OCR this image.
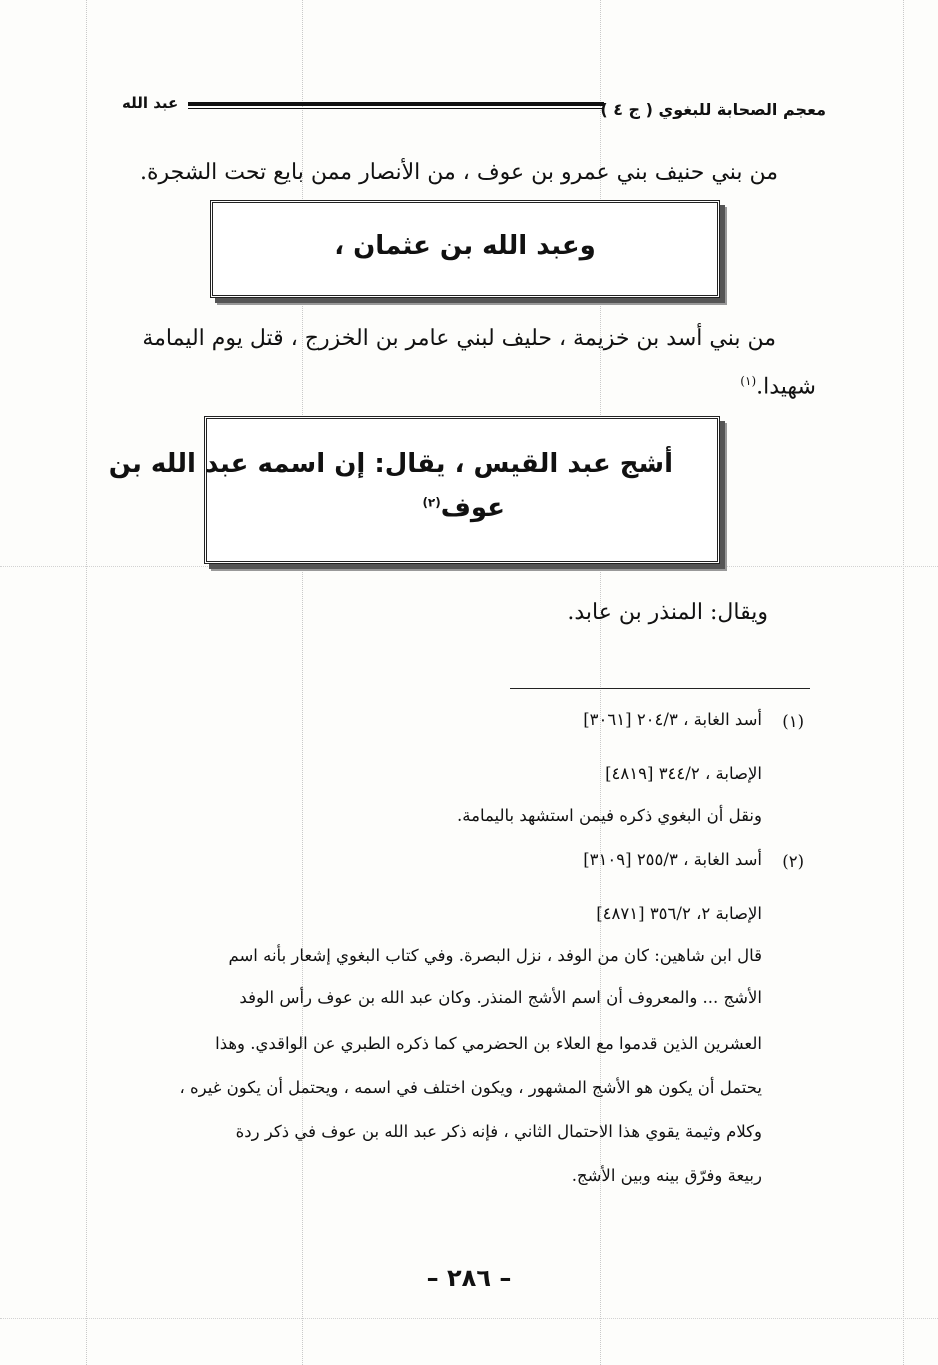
معجم الصحابة للبغوي ( ج ٤ )
عبد الله
من بني حنيف بني عمرو بن عوف ، من الأنصار ممن بايع تحت الشجرة.
وعبد الله بن عثمان ،
من بني أسد بن خزيمة ، حليف لبني عامر بن الخزرج ، قتل يوم اليمامة
شهيدا.$^{(١)}$
أشج عبد القيس ، يقال: إن اسمه عبد الله بن
عوف$^{(٢)}$
ويقال: المنذر بن عابد.
(١)
أسد الغابة ، ٢٠٤/٣ [٣٠٦١]
الإصابة ، ٣٤٤/٢ [٤٨١٩]
ونقل أن البغوي ذكره فيمن استشهد باليمامة.
(٢)
أسد الغابة ، ٢٥٥/٣ [٣١٠٩]
الإصابة ٢، ٣٥٦/٢ [٤٨٧١]
قال ابن شاهين: كان من الوفد ، نزل البصرة. وفي كتاب البغوي إشعار بأنه اسم
الأشج ... والمعروف أن اسم الأشج المنذر. وكان عبد الله بن عوف رأس الوفد
العشرين الذين قدموا مع العلاء بن الحضرمي كما ذكره الطبري عن الواقدي. وهذا
يحتمل أن يكون هو الأشج المشهور ، ويكون اختلف في اسمه ، ويحتمل أن يكون غيره ،
وكلام وثيمة يقوي هذا الاحتمال الثاني ، فإنه ذكر عبد الله بن عوف في ذكر ردة
ربيعة وفرّق بينه وبين الأشج.
– ٢٨٦ –
